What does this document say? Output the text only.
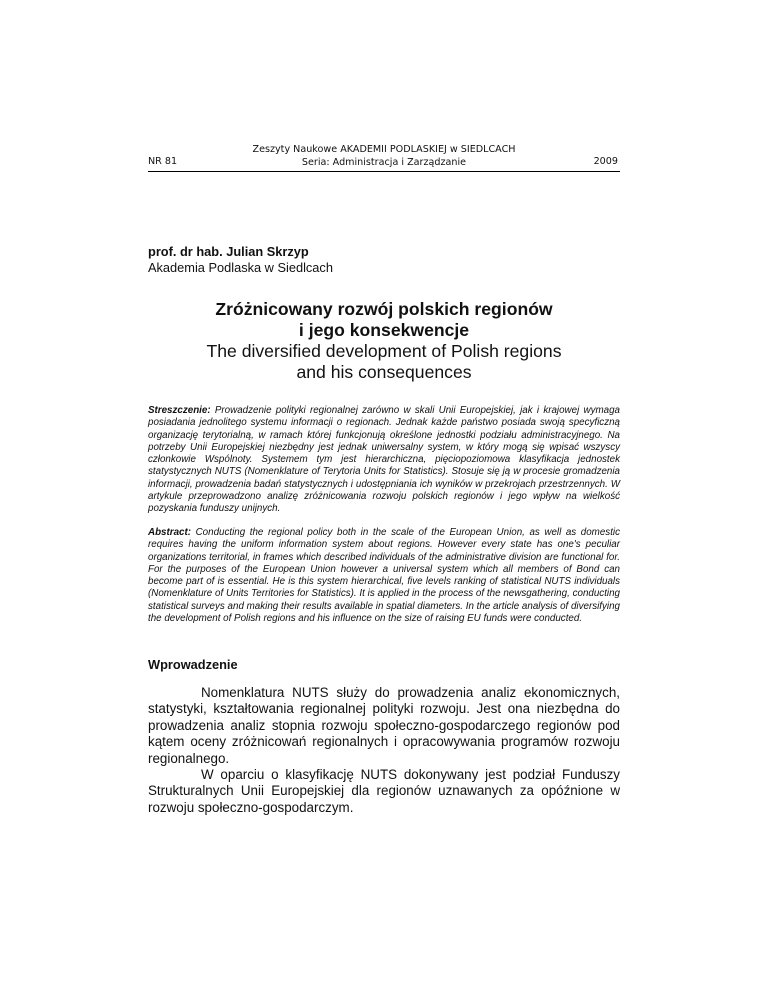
NR 81
Zeszyty Naukowe AKADEMII PODLASKIEJ w SIEDLCACH
Seria: Administracja i Zarządzanie	2009
prof. dr hab. Julian Skrzyp
Akademia Podlaska w Siedlcach
Zróżnicowany rozwój polskich regionów
i jego konsekwencje
The diversified development of Polish regions
and his consequences
Streszczenie: Prowadzenie polityki regionalnej zarówno w skali Unii Europejskiej, jak i krajowej wymaga posiadania jednolitego systemu informacji o regionach. Jednak każde państwo posiada swoją specyficzną organizację terytorialną, w ramach której funkcjonują określone jednostki podziału administracyjnego. Na potrzeby Unii Europejskiej niezbędny jest jednak uniwersalny system, w który mogą się wpisać wszyscy członkowie Wspólnoty. Systemem tym jest hierarchiczna, pięciopoziomowa klasyfikacja jednostek statystycznych NUTS (Nomenklature of Terytoria Units for Statistics). Stosuje się ją w procesie gromadzenia informacji, prowadzenia badań statystycznych i udostępniania ich wyników w przekrojach przestrzennych. W artykule przeprowadzono analizę zróżnicowania rozwoju polskich regionów i jego wpływ na wielkość pozyskania funduszy unijnych.
Abstract: Conducting the regional policy both in the scale of the European Union, as well as domestic requires having the uniform information system about regions. However every state has one's peculiar organizations territorial, in frames which described individuals of the administrative division are functional for. For the purposes of the European Union however a universal system which all members of Bond can become part of is essential. He is this system hierarchical, five levels ranking of statistical NUTS individuals (Nomenklature of Units Territories for Statistics). It is applied in the process of the newsgathering, conducting statistical surveys and making their results available in spatial diameters. In the article analysis of diversifying the development of Polish regions and his influence on the size of raising EU funds were conducted.
Wprowadzenie

Nomenklatura NUTS służy do prowadzenia analiz ekonomicznych, statystyki, kształtowania regionalnej polityki rozwoju. Jest ona niezbędna do prowadzenia analiz stopnia rozwoju społeczno-gospodarczego regionów pod kątem oceny zróżnicowań regionalnych i opracowywania programów rozwoju regionalnego.

W oparciu o klasyfikację NUTS dokonywany jest podział Funduszy Strukturalnych Unii Europejskiej dla regionów uznawanych za opóźnione w rozwoju społeczno-gospodarczym.
